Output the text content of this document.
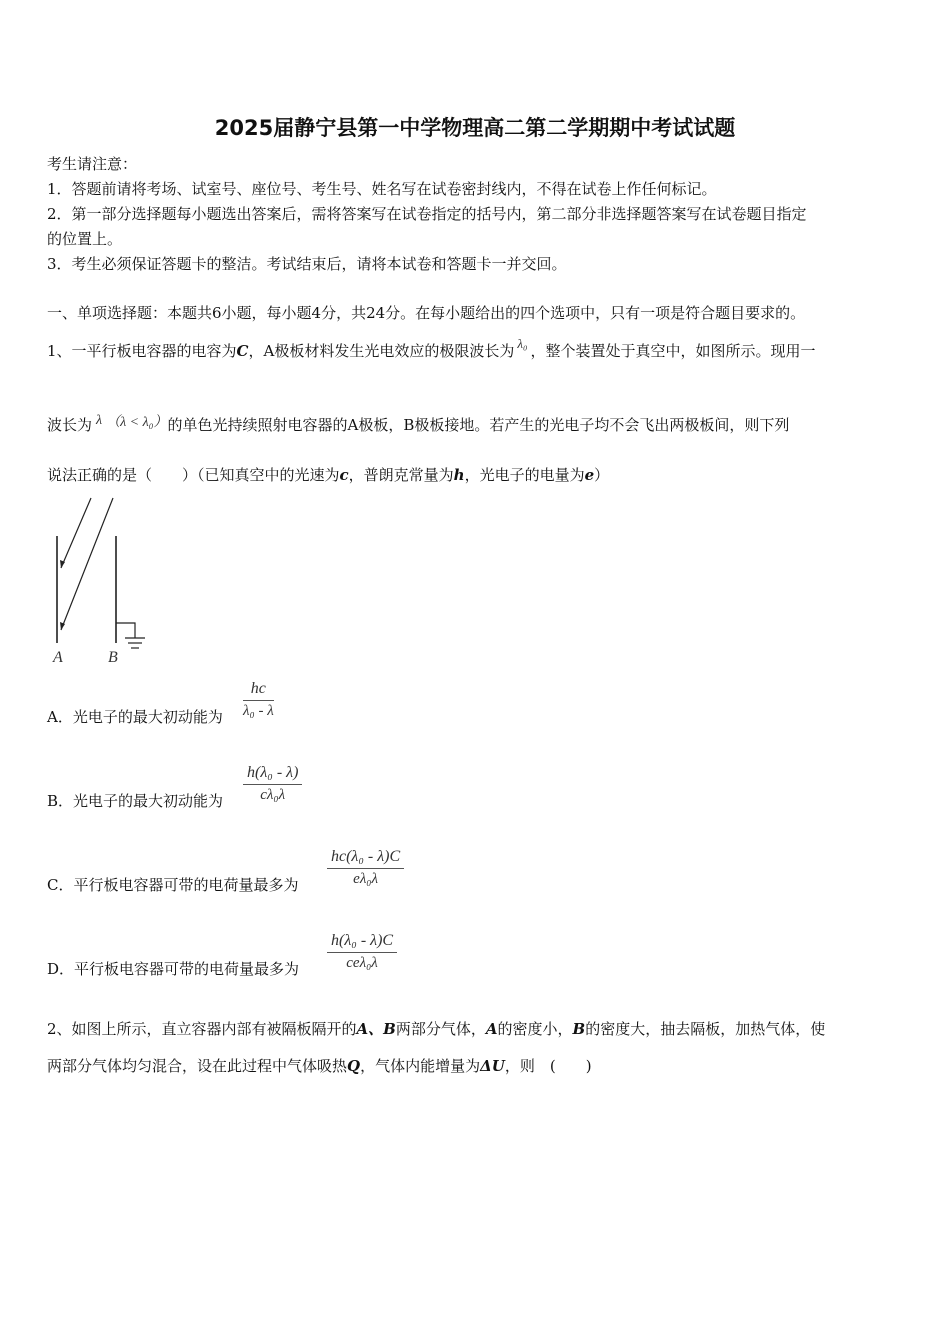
2025届静宁县第一中学物理高二第二学期期中考试试题
考生请注意：
1．答题前请将考场、试室号、座位号、考生号、姓名写在试卷密封线内，不得在试卷上作任何标记。
2．第一部分选择题每小题选出答案后，需将答案写在试卷指定的括号内，第二部分非选择题答案写在试卷题目指定
的位置上。
3．考生必须保证答题卡的整洁。考试结束后，请将本试卷和答题卡一并交回。
一、单项选择题：本题共6小题，每小题4分，共24分。在每小题给出的四个选项中，只有一项是符合题目要求的。
1、一平行板电容器的电容为C，A极板材料发生光电效应的极限波长为 λ₀ ，整个装置处于真空中，如图所示。现用一
波长为 λ （λ < λ₀）的单色光持续照射电容器的A极板，B极板接地。若产生的光电子均不会飞出两极板间，则下列
说法正确的是（　　）（已知真空中的光速为c，普朗克常量为h，光电子的电量为e）
A	B
A．光电子的最大初动能为
hc
λ₀ - λ
B．光电子的最大初动能为
h(λ₀ - λ)
cλ₀λ
C．平行板电容器可带的电荷量最多为
hc(λ₀ - λ)C
eλ₀λ
D．平行板电容器可带的电荷量最多为
h(λ₀ - λ)C
ceλ₀λ
2、如图上所示，直立容器内部有被隔板隔开的A、B两部分气体，A的密度小，B的密度大，抽去隔板，加热气体，使
两部分气体均匀混合，设在此过程中气体吸热Q，气体内能增量为ΔU，则　(　　)
